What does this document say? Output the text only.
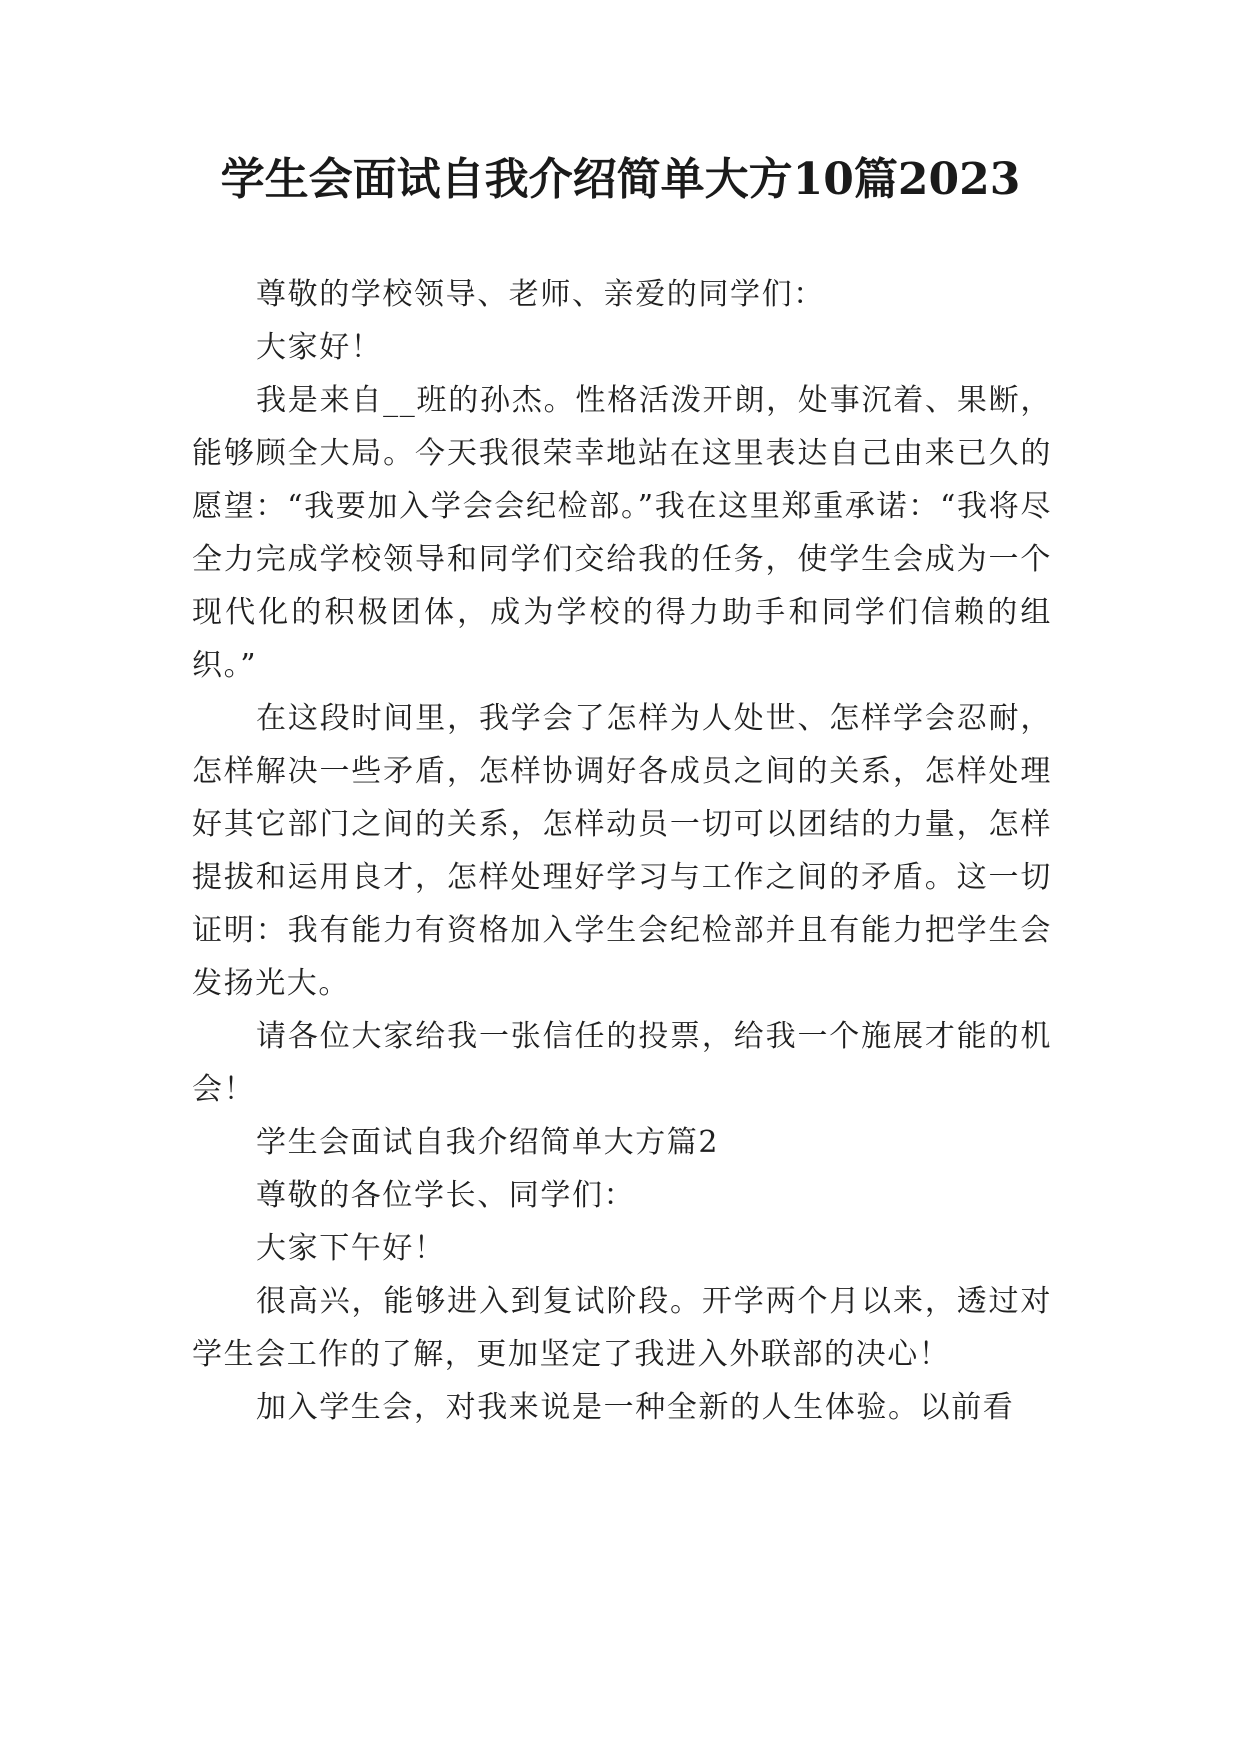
学生会面试自我介绍简单大方10篇2023

尊敬的学校领导、老师、亲爱的同学们：

大家好！

我是来自__班的孙杰。性格活泼开朗，处事沉着、果断，能够顾全大局。今天我很荣幸地站在这里表达自己由来已久的愿望：“我要加入学会会纪检部。”我在这里郑重承诺：“我将尽全力完成学校领导和同学们交给我的任务，使学生会成为一个现代化的积极团体，成为学校的得力助手和同学们信赖的组织。”

在这段时间里，我学会了怎样为人处世、怎样学会忍耐，怎样解决一些矛盾，怎样协调好各成员之间的关系，怎样处理好其它部门之间的关系，怎样动员一切可以团结的力量，怎样提拔和运用良才，怎样处理好学习与工作之间的矛盾。这一切证明：我有能力有资格加入学生会纪检部并且有能力把学生会发扬光大。

请各位大家给我一张信任的投票，给我一个施展才能的机会！

学生会面试自我介绍简单大方篇2

尊敬的各位学长、同学们：

大家下午好！

很高兴，能够进入到复试阶段。开学两个月以来，透过对学生会工作的了解，更加坚定了我进入外联部的决心！

加入学生会，对我来说是一种全新的人生体验。以前看
